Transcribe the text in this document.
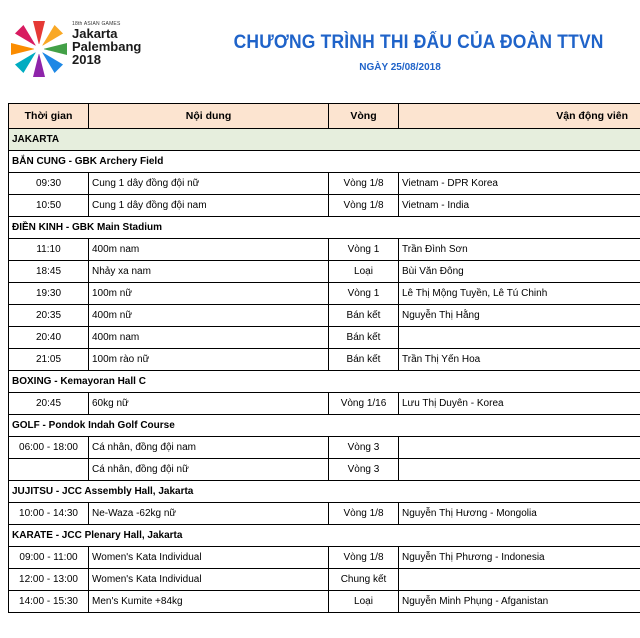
18th ASIAN GAMES
Jakarta
Palembang
2018
CHƯƠNG TRÌNH THI ĐẤU CỦA ĐOÀN TTVN
NGÀY 25/08/2018
Thời gian	Nội dung	Vòng	Vận động viên
JAKARTA			
BẮN CUNG - GBK Archery Field			
09:30	Cung 1 dây đồng đội nữ	Vòng 1/8	Vietnam - DPR Korea
10:50	Cung 1 dây đồng đội nam	Vòng 1/8	Vietnam - India
ĐIỀN KINH - GBK Main Stadium			
11:10	400m nam	Vòng 1	Trần Đình Sơn
18:45	Nhảy xa nam	Loại	Bùi Văn Đông
19:30	100m nữ	Vòng 1	Lê Thị Mộng Tuyền, Lê Tú Chinh
20:35	400m nữ	Bán kết	Nguyễn Thị Hằng
20:40	400m nam	Bán kết	
21:05	100m rào nữ	Bán kết	Trần Thị Yến Hoa
BOXING - Kemayoran Hall C			
20:45	60kg nữ	Vòng 1/16	Lưu Thị Duyên - Korea
GOLF - Pondok Indah Golf Course			
06:00 - 18:00	Cá nhân, đồng đội nam	Vòng 3	
	Cá nhân, đồng đội nữ	Vòng 3	
JUJITSU - JCC Assembly Hall, Jakarta			
10:00 - 14:30	Ne-Waza -62kg nữ	Vòng 1/8	Nguyễn Thị Hương - Mongolia
KARATE - JCC Plenary Hall, Jakarta			
09:00 - 11:00	Women's Kata Individual	Vòng 1/8	Nguyễn Thị Phương - Indonesia
12:00 - 13:00	Women's Kata Individual	Chung kết	
14:00 - 15:30	Men's Kumite +84kg	Loại	Nguyễn Minh Phụng - Afganistan
